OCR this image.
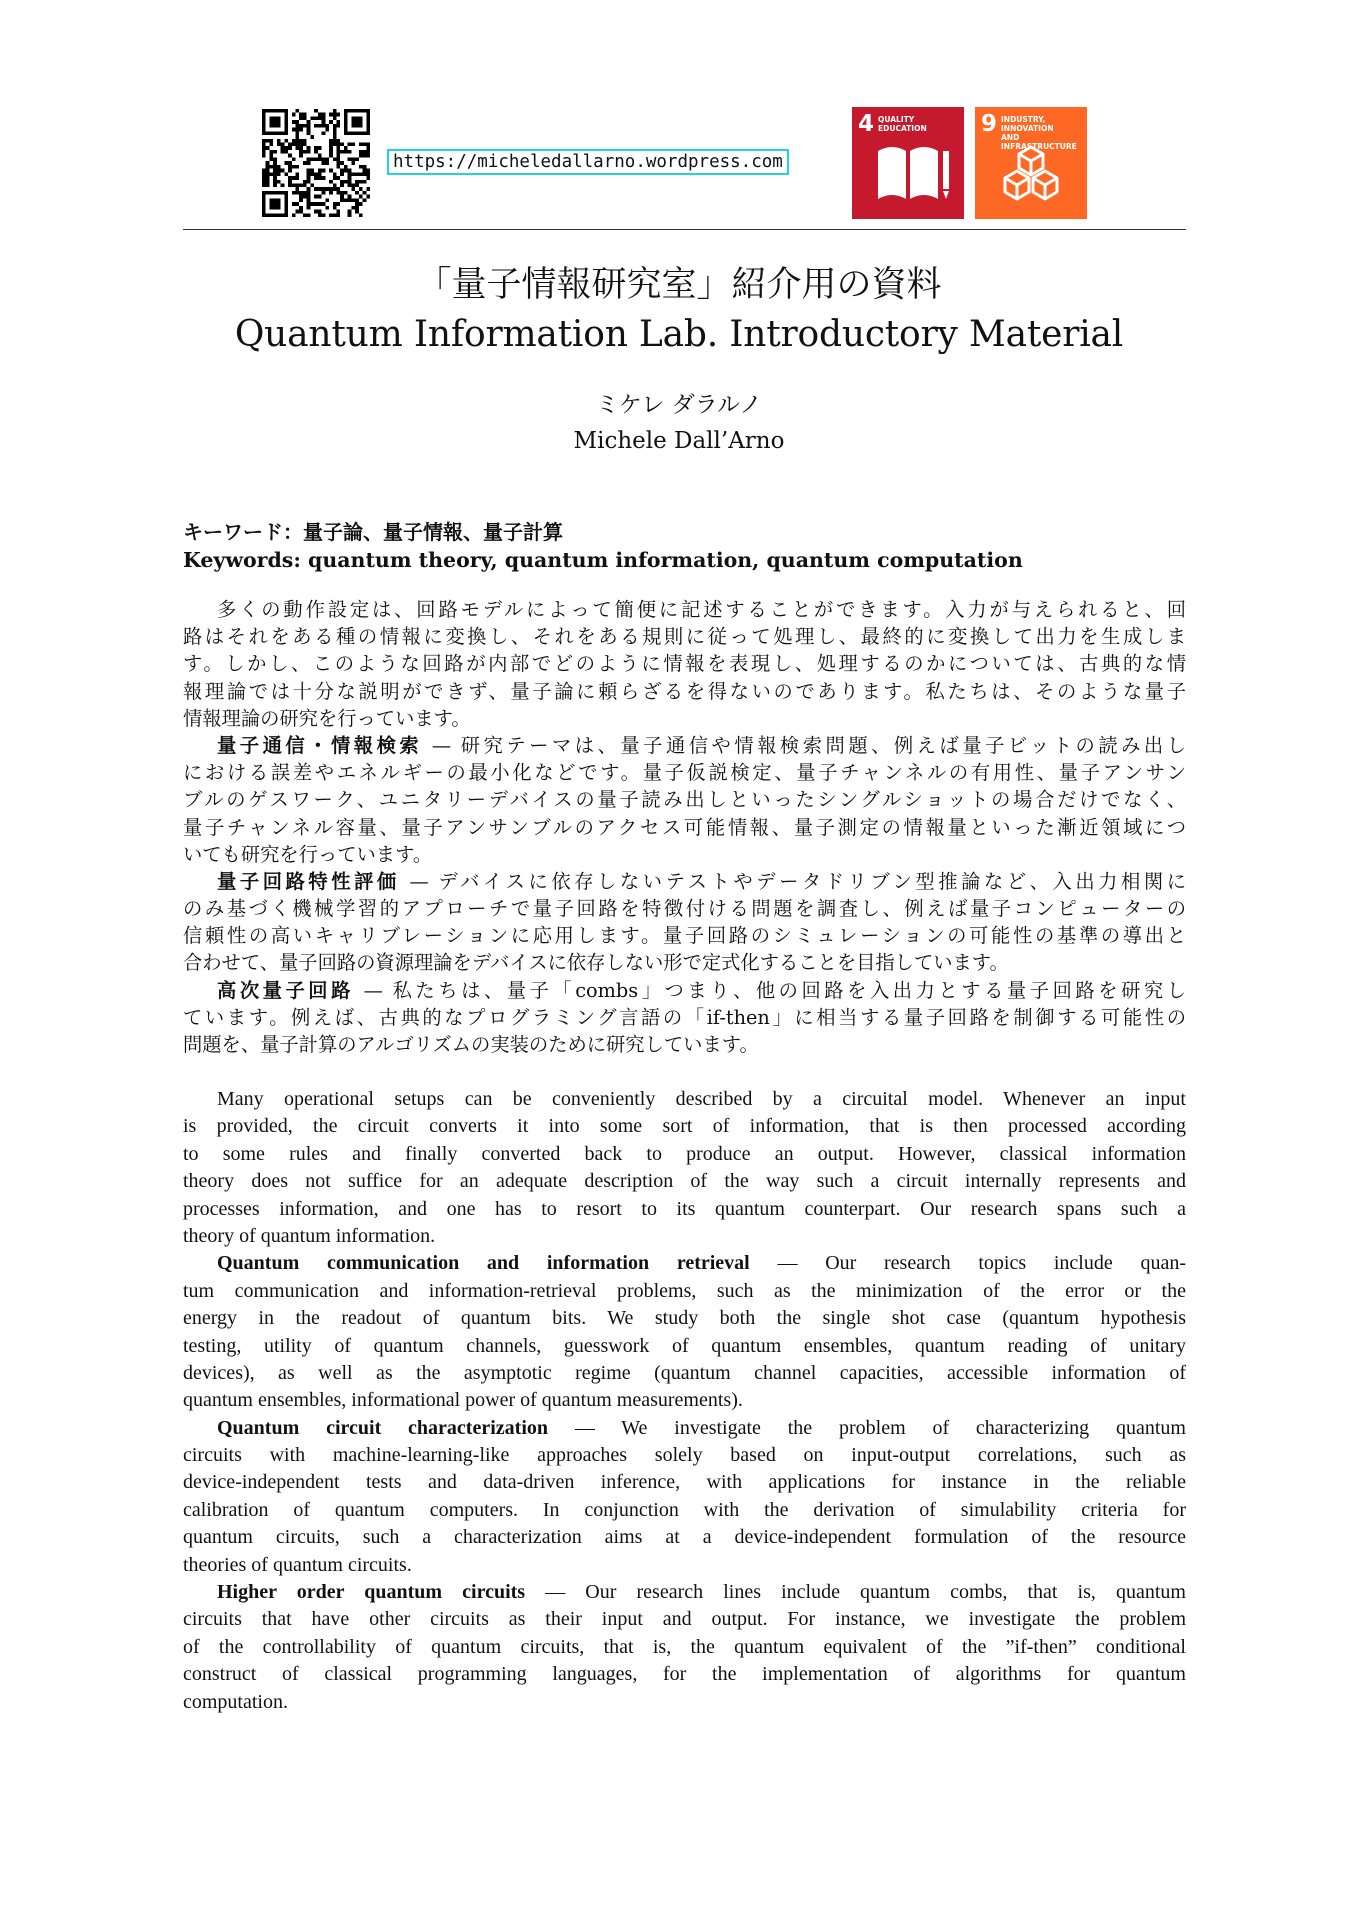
https://micheledallarno.wordpress.com
4 QUALITY
EDUCATION 9 INDUSTRY, INNOVATION
AND INFRASTRUCTURE
「量子情報研究室」紹介用の資料
Quantum Information Lab. Introductory Material
ミケレ ダラルノ
Michele Dall’Arno
キーワード：量子論、量子情報、量子計算
Keywords: quantum theory, quantum information, quantum computation
多くの動作設定は、回路モデルによって簡便に記述することができます。入力が与えられると、回
路はそれをある種の情報に変換し、それをある規則に従って処理し、最終的に変換して出力を生成しま
す。しかし、このような回路が内部でどのように情報を表現し、処理するのかについては、古典的な情
報理論では十分な説明ができず、量子論に頼らざるを得ないのであります。私たちは、そのような量子
情報理論の研究を行っています。
量子通信・情報検索 — 研究テーマは、量子通信や情報検索問題、例えば量子ビットの読み出し
における誤差やエネルギーの最小化などです。量子仮説検定、量子チャンネルの有用性、量子アンサン
ブルのゲスワーク、ユニタリーデバイスの量子読み出しといったシングルショットの場合だけでなく、
量子チャンネル容量、量子アンサンブルのアクセス可能情報、量子測定の情報量といった漸近領域につ
いても研究を行っています。
量子回路特性評価 — デバイスに依存しないテストやデータドリブン型推論など、入出力相関に
のみ基づく機械学習的アプローチで量子回路を特徴付ける問題を調査し、例えば量子コンピューターの
信頼性の高いキャリブレーションに応用します。量子回路のシミュレーションの可能性の基準の導出と
合わせて、量子回路の資源理論をデバイスに依存しない形で定式化することを目指しています。
高次量子回路 — 私たちは、量子「combs」つまり、他の回路を入出力とする量子回路を研究し
ています。例えば、古典的なプログラミング言語の「if-then」に相当する量子回路を制御する可能性の
問題を、量子計算のアルゴリズムの実装のために研究しています。
Many operational setups can be conveniently described by a circuital model. Whenever an input
is provided, the circuit converts it into some sort of information, that is then processed according
to some rules and finally converted back to produce an output. However, classical information
theory does not suffice for an adequate description of the way such a circuit internally represents and
processes information, and one has to resort to its quantum counterpart. Our research spans such a
theory of quantum information.
Quantum communication and information retrieval — Our research topics include quan-
tum communication and information-retrieval problems, such as the minimization of the error or the
energy in the readout of quantum bits. We study both the single shot case (quantum hypothesis
testing, utility of quantum channels, guesswork of quantum ensembles, quantum reading of unitary
devices), as well as the asymptotic regime (quantum channel capacities, accessible information of
quantum ensembles, informational power of quantum measurements).
Quantum circuit characterization — We investigate the problem of characterizing quantum
circuits with machine-learning-like approaches solely based on input-output correlations, such as
device-independent tests and data-driven inference, with applications for instance in the reliable
calibration of quantum computers. In conjunction with the derivation of simulability criteria for
quantum circuits, such a characterization aims at a device-independent formulation of the resource
theories of quantum circuits.
Higher order quantum circuits — Our research lines include quantum combs, that is, quantum
circuits that have other circuits as their input and output. For instance, we investigate the problem
of the controllability of quantum circuits, that is, the quantum equivalent of the ”if-then” conditional
construct of classical programming languages, for the implementation of algorithms for quantum
computation.
